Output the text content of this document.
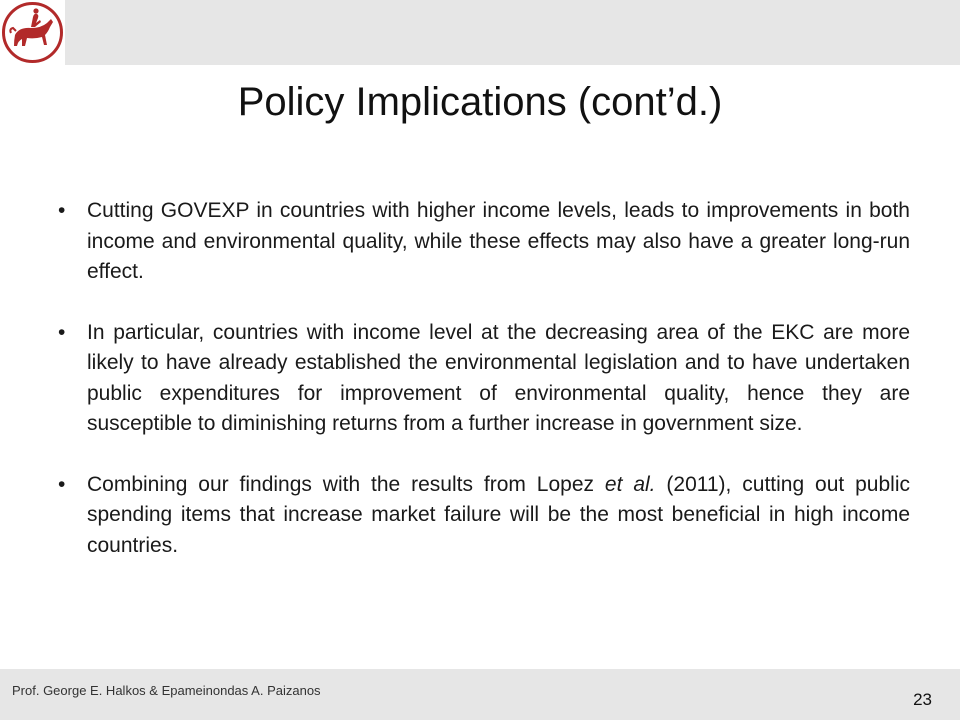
Policy Implications (cont’d.)
• Cutting GOVEXP in countries with higher income levels, leads to improvements in both income and environmental quality, while these effects may also have a greater long-run effect.
• In particular, countries with income level at the decreasing area of the EKC are more likely to have already established the environmental legislation and to have undertaken public expenditures for improvement of environmental quality, hence they are susceptible to diminishing returns from a further increase in government size.
• Combining our findings with the results from Lopez et al. (2011), cutting out public spending items that increase market failure will be the most beneficial in high income countries.
Prof. George E. Halkos & Epameinondas A. Paizanos	23
